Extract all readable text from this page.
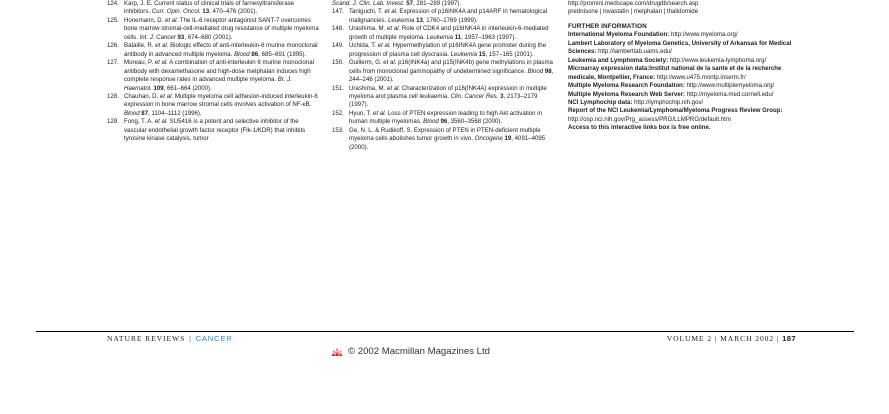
124. Karp, J. E. Current status of clinical trials of farnesyltransferase inhibitors. Curr. Opin. Oncol. 13, 470–476 (2001).

125. Honemann, D. et al. The IL-6 receptor antagonist SANT-7 overcomes bone marrow stromal-cell-mediated drug resistance of multiple myeloma cells. Int. J. Cancer 93, 674–680 (2001).

126. Bataille, R. et al. Biologic effects of anti-interleukin-6 murine monoclonal antibody in advanced multiple myeloma. Blood 86, 685–691 (1995).

127. Moreau, P. et al. A combination of anti-interleukin 6 murine monoclonal antibody with dexamethasone and high-dose melphalan induces high complete response rates in advanced multiple myeloma. Br. J. Haematol. 109, 661–664 (2000).

128. Chauhan, D. et al. Multiple myeloma cell adhesion-induced interleukin-6 expression in bone marrow stromal cells involves activation of NF-κB. Blood 87, 1104–1112 (1996).

129. Fong, T. A. et al. SU5416 is a potent and selective inhibitor of the vascular endothelial growth factor receptor (Flk-1/KDR) that inhibits tyrosine kinase catalysis, tumor

Scand. J. Clin. Lab. Invest. 57, 281–289 (1997).

147. Taniguchi, T. et al. Expression of p16INK4A and p14ARF in hematological malignancies. Leukemia 13, 1760–1769 (1999).

148. Urashima, M. et al. Role of CDK4 and p16INK4A in interleukin-6-mediated growth of multiple myeloma. Leukemia 11, 1957–1963 (1997).

149. Uchida, T. et al. Hypermethylation of p16INK4A gene promoter during the progression of plasma cell dyscrasia. Leukemia 15, 157–165 (2001).

150. Guillerm, G. et al. p16(INK4a) and p15(INK4b) gene methylations in plasma cells from monoclonal gammopathy of undetermined significance. Blood 98, 244–246 (2001).

151. Urashima, M. et al. Characterization of p16(INK4A) expression in multiple myeloma and plasma cell leukaemia. Clin. Cancer Res. 3, 2173–2179 (1997).

152. Hyun, T. et al. Loss of PTEN expression leading to high Akt activation in human multiple myelomas. Blood 96, 3560–3568 (2000).

153. Ge, N. L. & Rudikoff, S. Expression of PTEN in PTEN-deficient multiple myeloma cells abolishes tumor growth in vivo. Oncogene 19, 4091–4095 (2000).

http://promini.medscape.com/drugdb/search.asp

prednisone | lovastatin | melphalan | thalidomide

FURTHER INFORMATION
International Myeloma Foundation: http://www.myeloma.org/
Lambert Laboratory of Myeloma Genetics, University of Arkansas for Medical Sciences: http://lambertlab.uams.edu/
Leukemia and Lymphoma Society: http://www.leukemia-lymphoma.org/
Microarray expression data:Institut national de la sante et de la recherche medicale, Montpellier, France: http://www.u475.montp.inserm.fr/
Multiple Myeloma Research Foundation: http://www.multiplemyeloma.org/
Multiple Myeloma Research Web Server: http://myeloma.med.cornell.edu/
NCI Lymphochip data: http://lymphochip.nih.gov/
Report of the NCI Leukemia/Lymphoma/Myeloma Progress Review Group: http://osp.nci.nih.gov/Prg_assess/PRG/LLMPRG/default.htm
Access to this interactive links box is free online.
NATURE REVIEWS | CANCER	VOLUME 2 | MARCH 2002 | 187
© 2002 Macmillan Magazines Ltd
